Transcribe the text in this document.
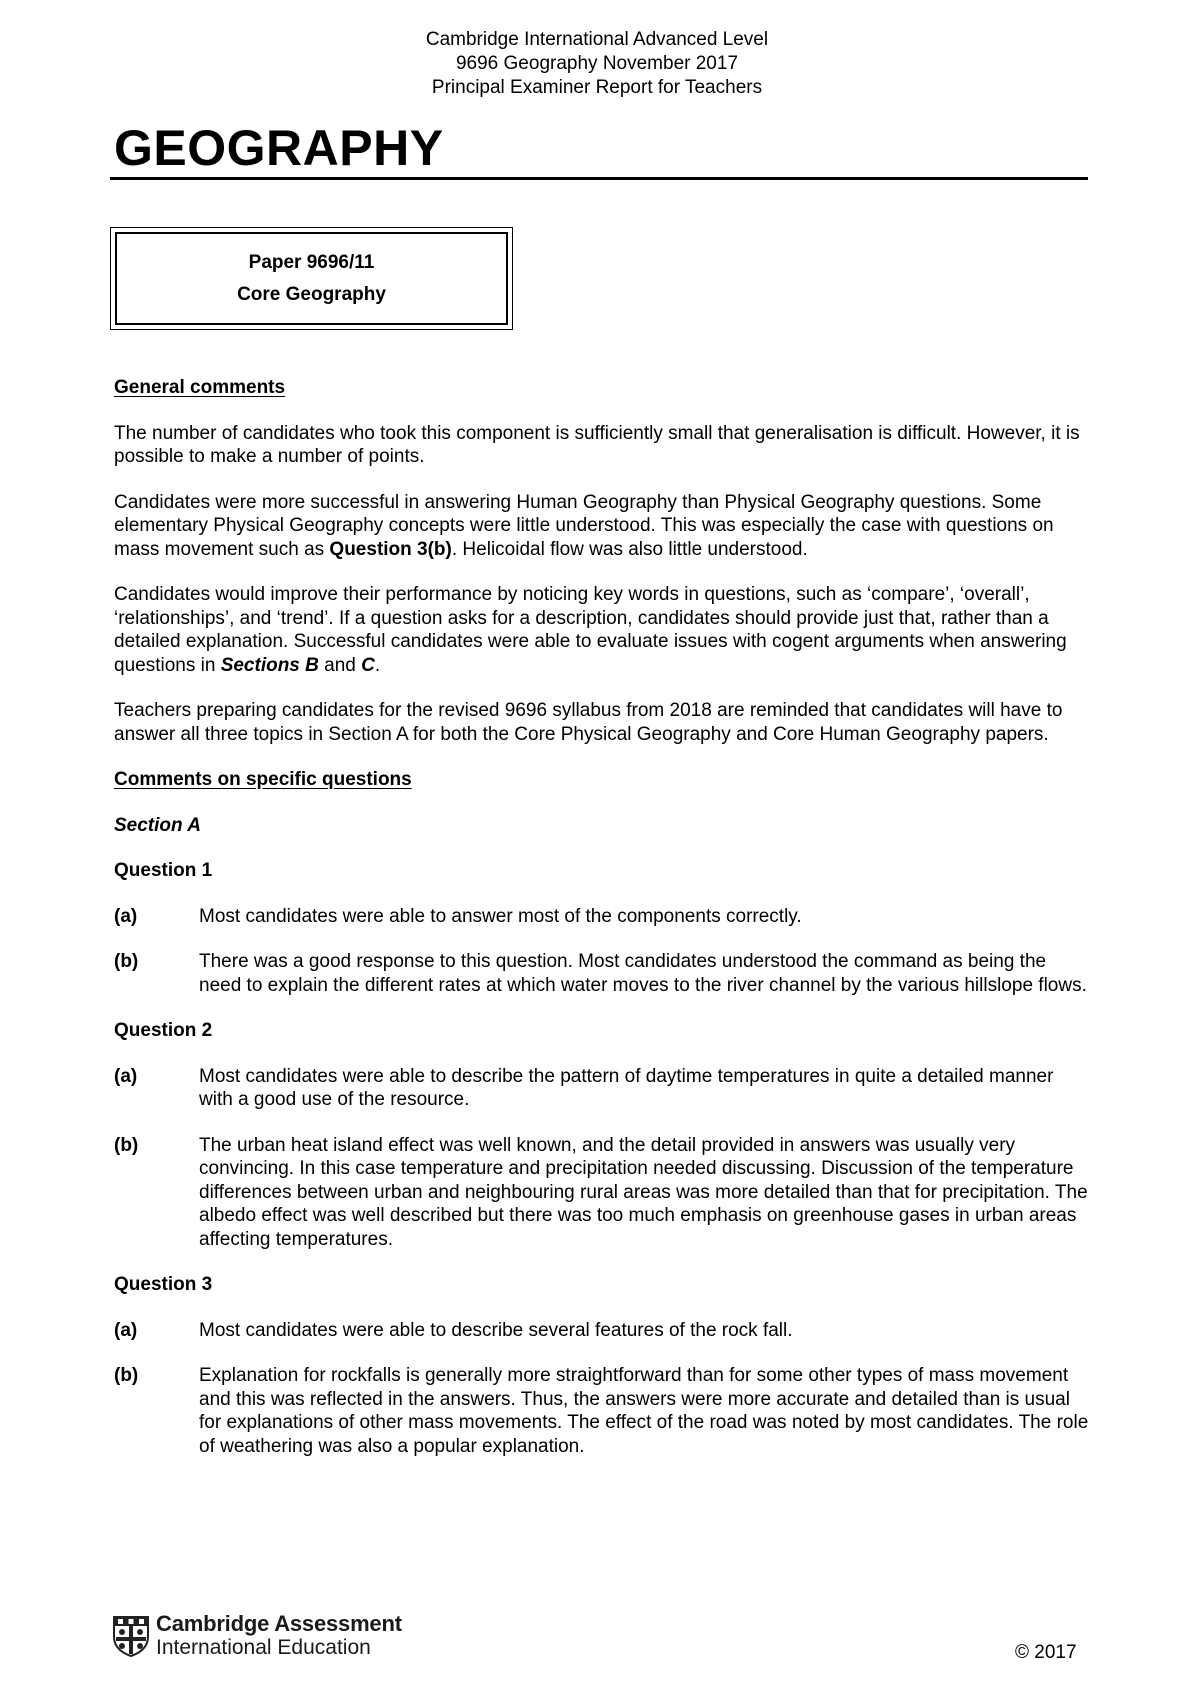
Cambridge International Advanced Level
9696 Geography November 2017
Principal Examiner Report for Teachers
GEOGRAPHY
Paper 9696/11
Core Geography

General comments

The number of candidates who took this component is sufficiently small that generalisation is difficult. However, it is possible to make a number of points.

Candidates were more successful in answering Human Geography than Physical Geography questions. Some elementary Physical Geography concepts were little understood. This was especially the case with questions on mass movement such as Question 3(b). Helicoidal flow was also little understood.

Candidates would improve their performance by noticing key words in questions, such as ‘compare’, ‘overall’, ‘relationships’, and ‘trend’. If a question asks for a description, candidates should provide just that, rather than a detailed explanation. Successful candidates were able to evaluate issues with cogent arguments when answering questions in Sections B and C.

Teachers preparing candidates for the revised 9696 syllabus from 2018 are reminded that candidates will have to answer all three topics in Section A for both the Core Physical Geography and Core Human Geography papers.

Comments on specific questions

Section A

Question 1

(a)	Most candidates were able to answer most of the components correctly.
(b)	There was a good response to this question. Most candidates understood the command as being the need to explain the different rates at which water moves to the river channel by the various hillslope flows.

Question 2

(a)	Most candidates were able to describe the pattern of daytime temperatures in quite a detailed manner with a good use of the resource.
(b)	The urban heat island effect was well known, and the detail provided in answers was usually very convincing. In this case temperature and precipitation needed discussing. Discussion of the temperature differences between urban and neighbouring rural areas was more detailed than that for precipitation. The albedo effect was well described but there was too much emphasis on greenhouse gases in urban areas affecting temperatures.

Question 3

(a)	Most candidates were able to describe several features of the rock fall.
(b)	Explanation for rockfalls is generally more straightforward than for some other types of mass movement and this was reflected in the answers. Thus, the answers were more accurate and detailed than is usual for explanations of other mass movements. The effect of the road was noted by most candidates. The role of weathering was also a popular explanation.
Cambridge Assessment
International Education	© 2017
